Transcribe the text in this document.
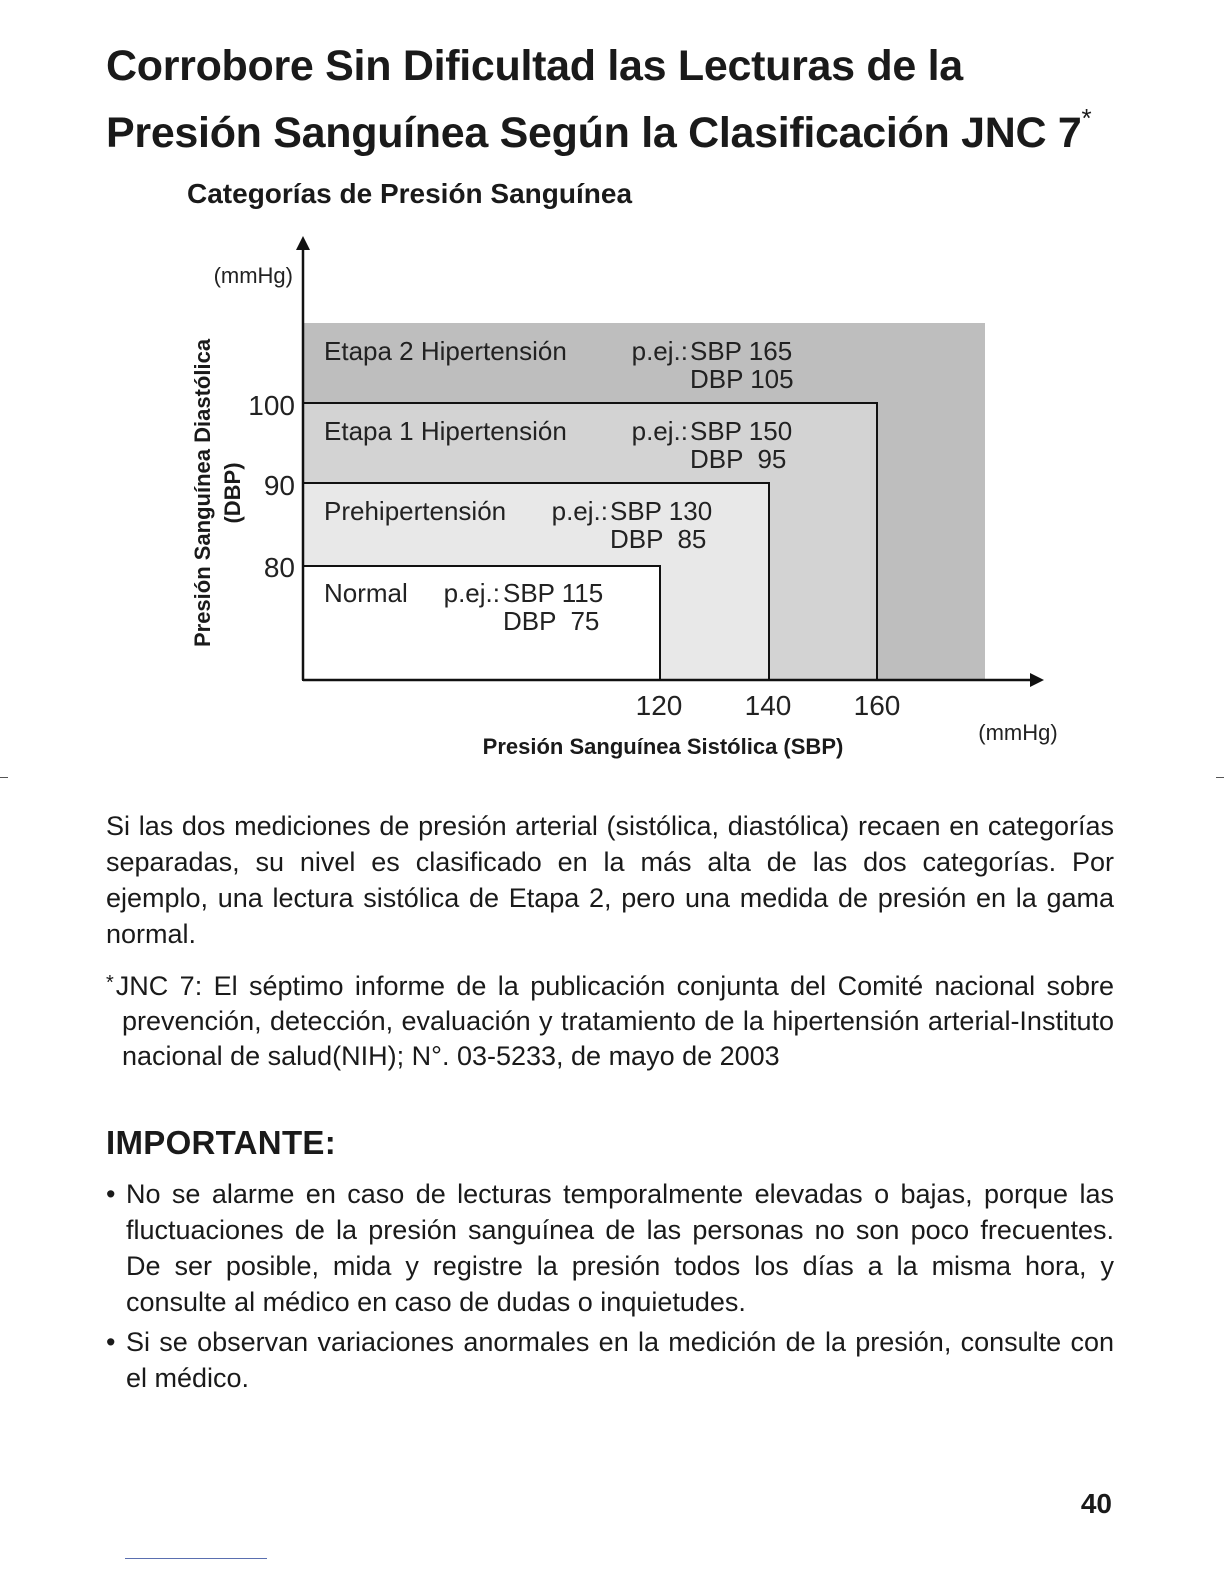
Corrobore Sin Dificultad las Lecturas de la
Presión Sanguínea Según la Clasificación JNC 7*
Categorías de Presión Sanguínea
(mmHg)
(mmHg)
Presión Sanguínea Diastólica (DBP)
100
90
80
120 140 160
Presión Sanguínea Sistólica (SBP)
Etapa 2 Hipertensión p.ej.: SBP 165
DBP 105
Etapa 1 Hipertensión p.ej.: SBP 150
DBP  95
Prehipertensión p.ej.: SBP 130
DBP  85
Normal p.ej.: SBP 115
DBP  75

Si las dos mediciones de presión arterial (sistólica, diastólica) recaen en categorías separadas, su nivel es clasificado en la más alta de las dos categorías. Por ejemplo, una lectura sistólica de Etapa 2, pero una medida de presión en la gama normal.

*JNC 7: El séptimo informe de la publicación conjunta del Comité nacional sobre prevención, detección, evaluación y tratamiento de la hipertensión arterial-Instituto nacional de salud(NIH); N°. 03-5233, de mayo de 2003

IMPORTANTE:
• No se alarme en caso de lecturas temporalmente elevadas o bajas, porque las fluctuaciones de la presión sanguínea de las personas no son poco frecuentes. De ser posible, mida y registre la presión todos los días a la misma hora, y consulte al médico en caso de dudas o inquietudes.
• Si se observan variaciones anormales en la medición de la presión, consulte con el médico.
40
